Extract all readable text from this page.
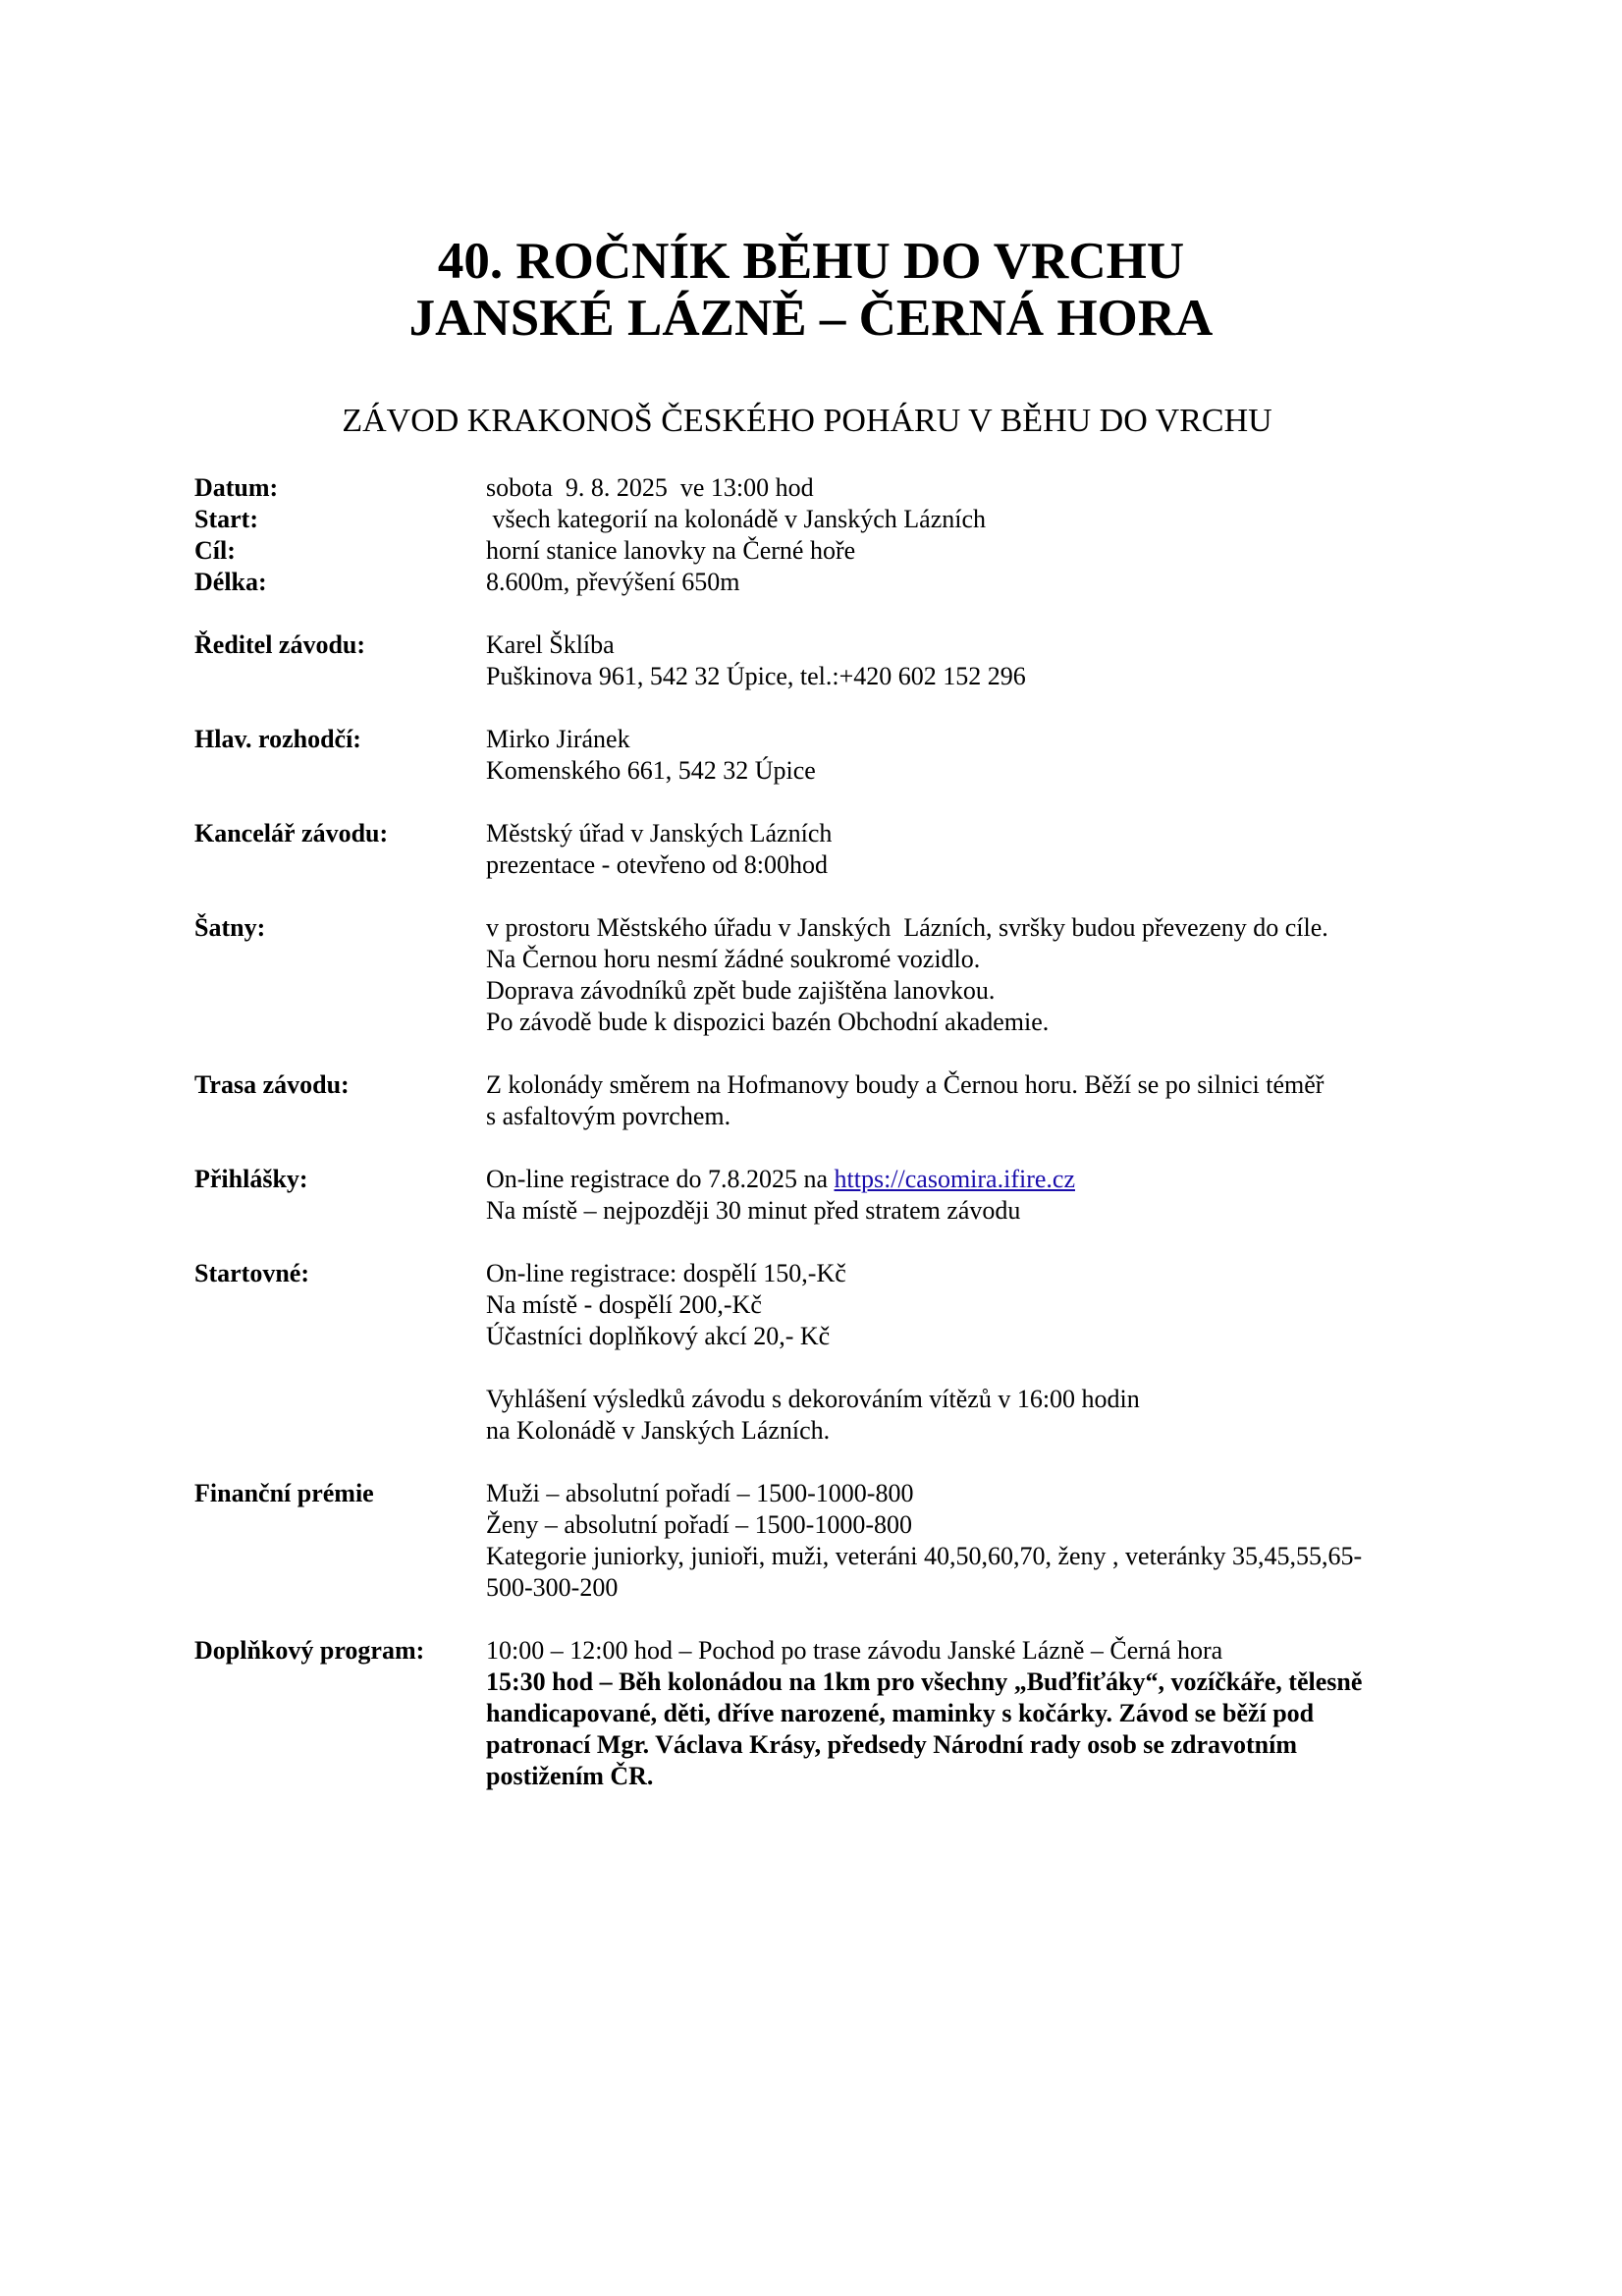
40. ROČNÍK BĚHU DO VRCHU
JANSKÉ LÁZNĚ – ČERNÁ HORA
ZÁVOD KRAKONOŠ ČESKÉHO POHÁRU V BĚHU DO VRCHU
Datum:	sobota  9. 8. 2025  ve 13:00 hod
Start:	všech kategorií na kolonádě v Janských Lázních
Cíl:	horní stanice lanovky na Černé hoře
Délka:	8.600m, převýšení 650m
Ředitel závodu:	Karel Šklíba
Puškinova 961, 542 32 Úpice, tel.:+420 602 152 296
Hlav. rozhodčí:	Mirko Jiránek
Komenského 661, 542 32 Úpice
Kancelář závodu:	Městský úřad v Janských Lázních
prezentace - otevřeno od 8:00hod
Šatny:	v prostoru Městského úřadu v Janských  Lázních, svršky budou převezeny do cíle.
Na Černou horu nesmí žádné soukromé vozidlo.
Doprava závodníků zpět bude zajištěna lanovkou.
Po závodě bude k dispozici bazén Obchodní akademie.
Trasa závodu:	Z kolonády směrem na Hofmanovy boudy a Černou horu. Běží se po silnici téměř
s asfaltovým povrchem.
Přihlášky:	On-line registrace do 7.8.2025 na https://casomira.ifire.cz
Na místě – nejpozději 30 minut před stratem závodu
Startovné:	On-line registrace: dospělí 150,-Kč
Na místě - dospělí 200,-Kč
Účastníci doplňkový akcí 20,- Kč
Vyhlášení výsledků závodu s dekorováním vítězů v 16:00 hodin
na Kolonádě v Janských Lázních.
Finanční prémie	Muži – absolutní pořadí – 1500-1000-800
Ženy – absolutní pořadí – 1500-1000-800
Kategorie juniorky, junioři, muži, veteráni 40,50,60,70, ženy , veteránky 35,45,55,65-
500-300-200
Doplňkový program:	10:00 – 12:00 hod – Pochod po trase závodu Janské Lázně – Černá hora
15:30 hod – Běh kolonádou na 1km pro všechny „Buďfiťáky“, vozíčkáře, tělesně
handicapované, děti, dříve narozené, maminky s kočárky. Závod se běží pod
patronací Mgr. Václava Krásy, předsedy Národní rady osob se zdravotním
postižením ČR.
